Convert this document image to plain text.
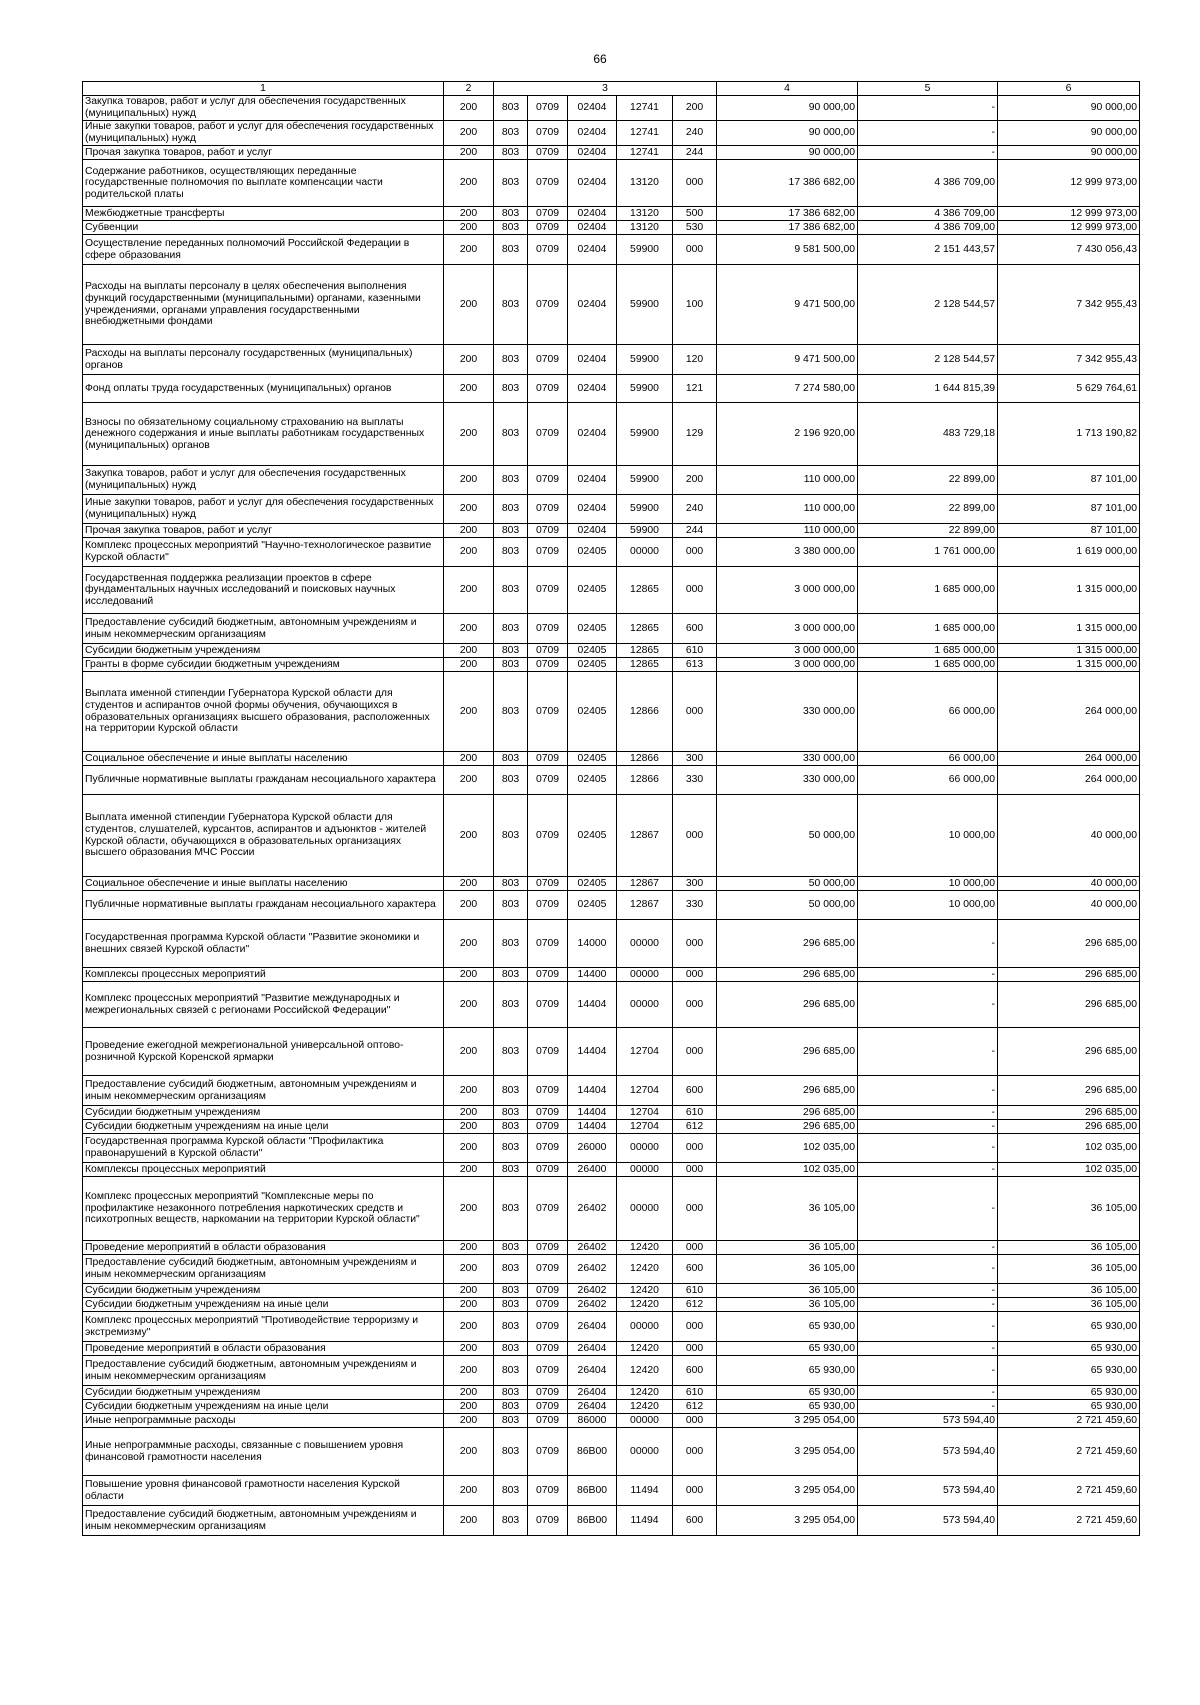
66
1	2	3					4	5	6
Закупка товаров, работ и услуг для обеспечения государственных (муниципальных) нужд	200	803	0709	02404	12741	200	90 000,00	-	90 000,00
Иные закупки товаров, работ и услуг для обеспечения государственных (муниципальных) нужд	200	803	0709	02404	12741	240	90 000,00	-	90 000,00
Прочая закупка товаров, работ и услуг	200	803	0709	02404	12741	244	90 000,00	-	90 000,00
Содержание работников, осуществляющих переданные государственные полномочия по выплате компенсации части родительской платы	200	803	0709	02404	13120	000	17 386 682,00	4 386 709,00	12 999 973,00
Межбюджетные трансферты	200	803	0709	02404	13120	500	17 386 682,00	4 386 709,00	12 999 973,00
Субвенции	200	803	0709	02404	13120	530	17 386 682,00	4 386 709,00	12 999 973,00
Осуществление переданных полномочий Российской Федерации в сфере образования	200	803	0709	02404	59900	000	9 581 500,00	2 151 443,57	7 430 056,43
Расходы на выплаты персоналу в целях обеспечения выполнения функций государственными (муниципальными) органами, казенными учреждениями, органами управления государственными внебюджетными фондами	200	803	0709	02404	59900	100	9 471 500,00	2 128 544,57	7 342 955,43
Расходы на выплаты персоналу государственных (муниципальных) органов	200	803	0709	02404	59900	120	9 471 500,00	2 128 544,57	7 342 955,43
Фонд оплаты труда государственных (муниципальных) органов	200	803	0709	02404	59900	121	7 274 580,00	1 644 815,39	5 629 764,61
Взносы по обязательному социальному страхованию на выплаты денежного содержания и иные выплаты работникам государственных (муниципальных) органов	200	803	0709	02404	59900	129	2 196 920,00	483 729,18	1 713 190,82
Закупка товаров, работ и услуг для обеспечения государственных (муниципальных) нужд	200	803	0709	02404	59900	200	110 000,00	22 899,00	87 101,00
Иные закупки товаров, работ и услуг для обеспечения государственных (муниципальных) нужд	200	803	0709	02404	59900	240	110 000,00	22 899,00	87 101,00
Прочая закупка товаров, работ и услуг	200	803	0709	02404	59900	244	110 000,00	22 899,00	87 101,00
Комплекс процессных мероприятий "Научно-технологическое развитие Курской области"	200	803	0709	02405	00000	000	3 380 000,00	1 761 000,00	1 619 000,00
Государственная поддержка реализации проектов в сфере фундаментальных научных исследований и поисковых научных исследований	200	803	0709	02405	12865	000	3 000 000,00	1 685 000,00	1 315 000,00
Предоставление субсидий бюджетным, автономным учреждениям и иным некоммерческим организациям	200	803	0709	02405	12865	600	3 000 000,00	1 685 000,00	1 315 000,00
Субсидии бюджетным учреждениям	200	803	0709	02405	12865	610	3 000 000,00	1 685 000,00	1 315 000,00
Гранты в форме субсидии бюджетным учреждениям	200	803	0709	02405	12865	613	3 000 000,00	1 685 000,00	1 315 000,00
Выплата именной стипендии Губернатора Курской области для студентов и аспирантов очной формы обучения, обучающихся в образовательных организациях высшего образования, расположенных на территории Курской области	200	803	0709	02405	12866	000	330 000,00	66 000,00	264 000,00
Социальное обеспечение и иные выплаты населению	200	803	0709	02405	12866	300	330 000,00	66 000,00	264 000,00
Публичные нормативные выплаты гражданам несоциального характера	200	803	0709	02405	12866	330	330 000,00	66 000,00	264 000,00
Выплата именной стипендии Губернатора Курской области для студентов, слушателей, курсантов, аспирантов и адъюнктов - жителей Курской области, обучающихся в образовательных организациях высшего образования МЧС России	200	803	0709	02405	12867	000	50 000,00	10 000,00	40 000,00
Социальное обеспечение и иные выплаты населению	200	803	0709	02405	12867	300	50 000,00	10 000,00	40 000,00
Публичные нормативные выплаты гражданам несоциального характера	200	803	0709	02405	12867	330	50 000,00	10 000,00	40 000,00
Государственная программа Курской области "Развитие экономики и внешних связей Курской области"	200	803	0709	14000	00000	000	296 685,00	-	296 685,00
Комплексы процессных мероприятий	200	803	0709	14400	00000	000	296 685,00	-	296 685,00
Комплекс процессных мероприятий "Развитие международных и межрегиональных связей с регионами Российской Федерации"	200	803	0709	14404	00000	000	296 685,00	-	296 685,00
Проведение ежегодной межрегиональной универсальной оптово-розничной Курской Коренской ярмарки	200	803	0709	14404	12704	000	296 685,00	-	296 685,00
Предоставление субсидий бюджетным, автономным учреждениям и иным некоммерческим организациям	200	803	0709	14404	12704	600	296 685,00	-	296 685,00
Субсидии бюджетным учреждениям	200	803	0709	14404	12704	610	296 685,00	-	296 685,00
Субсидии бюджетным учреждениям на иные цели	200	803	0709	14404	12704	612	296 685,00	-	296 685,00
Государственная программа Курской области "Профилактика правонарушений в Курской области"	200	803	0709	26000	00000	000	102 035,00	-	102 035,00
Комплексы процессных мероприятий	200	803	0709	26400	00000	000	102 035,00	-	102 035,00
Комплекс процессных мероприятий "Комплексные меры по профилактике незаконного потребления наркотических средств и психотропных веществ, наркомании на территории Курской области"	200	803	0709	26402	00000	000	36 105,00	-	36 105,00
Проведение мероприятий в области образования	200	803	0709	26402	12420	000	36 105,00	-	36 105,00
Предоставление субсидий бюджетным, автономным учреждениям и иным некоммерческим организациям	200	803	0709	26402	12420	600	36 105,00	-	36 105,00
Субсидии бюджетным учреждениям	200	803	0709	26402	12420	610	36 105,00	-	36 105,00
Субсидии бюджетным учреждениям на иные цели	200	803	0709	26402	12420	612	36 105,00	-	36 105,00
Комплекс процессных мероприятий "Противодействие терроризму и экстремизму"	200	803	0709	26404	00000	000	65 930,00	-	65 930,00
Проведение мероприятий в области образования	200	803	0709	26404	12420	000	65 930,00	-	65 930,00
Предоставление субсидий бюджетным, автономным учреждениям и иным некоммерческим организациям	200	803	0709	26404	12420	600	65 930,00	-	65 930,00
Субсидии бюджетным учреждениям	200	803	0709	26404	12420	610	65 930,00	-	65 930,00
Субсидии бюджетным учреждениям на иные цели	200	803	0709	26404	12420	612	65 930,00	-	65 930,00
Иные непрограммные расходы	200	803	0709	86000	00000	000	3 295 054,00	573 594,40	2 721 459,60
Иные непрограммные расходы, связанные с повышением уровня финансовой грамотности населения	200	803	0709	86В00	00000	000	3 295 054,00	573 594,40	2 721 459,60
Повышение уровня финансовой грамотности населения Курской области	200	803	0709	86В00	11494	000	3 295 054,00	573 594,40	2 721 459,60
Предоставление субсидий бюджетным, автономным учреждениям и иным некоммерческим организациям	200	803	0709	86В00	11494	600	3 295 054,00	573 594,40	2 721 459,60
